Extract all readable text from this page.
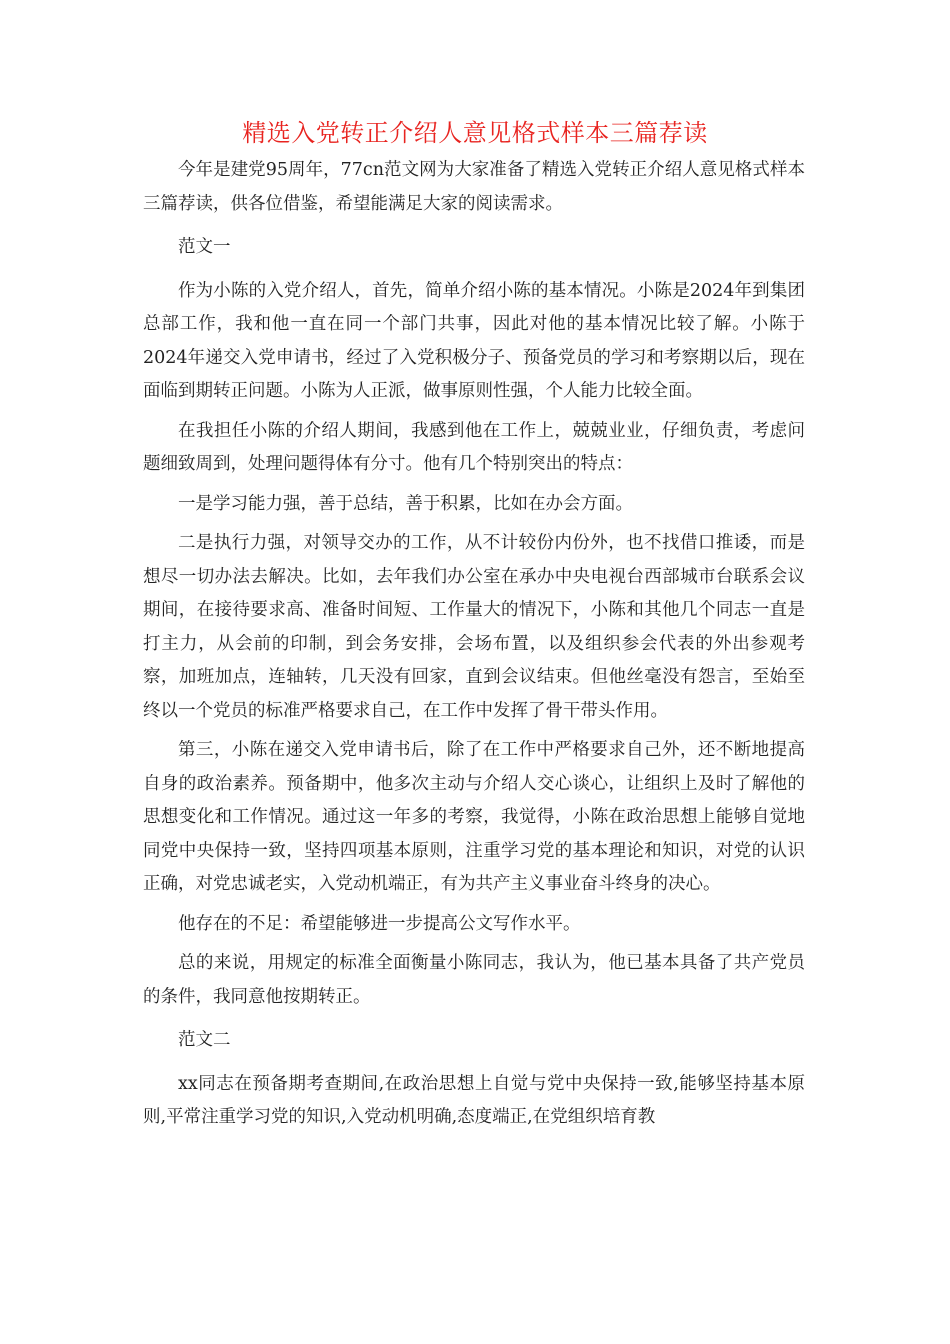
精选入党转正介绍人意见格式样本三篇荐读

今年是建党95周年，77cn范文网为大家准备了精选入党转正介绍人意见格式样本三篇荐读，供各位借鉴，希望能满足大家的阅读需求。

范文一

作为小陈的入党介绍人，首先，简单介绍小陈的基本情况。小陈是2024年到集团总部工作，我和他一直在同一个部门共事，因此对他的基本情况比较了解。小陈于2024年递交入党申请书，经过了入党积极分子、预备党员的学习和考察期以后，现在面临到期转正问题。小陈为人正派，做事原则性强，个人能力比较全面。

在我担任小陈的介绍人期间，我感到他在工作上，兢兢业业，仔细负责，考虑问题细致周到，处理问题得体有分寸。他有几个特别突出的特点：

一是学习能力强，善于总结，善于积累，比如在办会方面。

二是执行力强，对领导交办的工作，从不计较份内份外，也不找借口推诿，而是想尽一切办法去解决。比如，去年我们办公室在承办中央电视台西部城市台联系会议期间，在接待要求高、准备时间短、工作量大的情况下，小陈和其他几个同志一直是打主力，从会前的印制，到会务安排，会场布置，以及组织参会代表的外出参观考察，加班加点，连轴转，几天没有回家，直到会议结束。但他丝毫没有怨言，至始至终以一个党员的标准严格要求自己，在工作中发挥了骨干带头作用。

第三，小陈在递交入党申请书后，除了在工作中严格要求自己外，还不断地提高自身的政治素养。预备期中，他多次主动与介绍人交心谈心，让组织上及时了解他的思想变化和工作情况。通过这一年多的考察，我觉得，小陈在政治思想上能够自觉地同党中央保持一致，坚持四项基本原则，注重学习党的基本理论和知识，对党的认识正确，对党忠诚老实，入党动机端正，有为共产主义事业奋斗终身的决心。

他存在的不足：希望能够进一步提高公文写作水平。

总的来说，用规定的标准全面衡量小陈同志，我认为，他已基本具备了共产党员的条件，我同意他按期转正。

范文二

xx同志在预备期考查期间,在政治思想上自觉与党中央保持一致,能够坚持基本原则,平常注重学习党的知识,入党动机明确,态度端正,在党组织培育教
